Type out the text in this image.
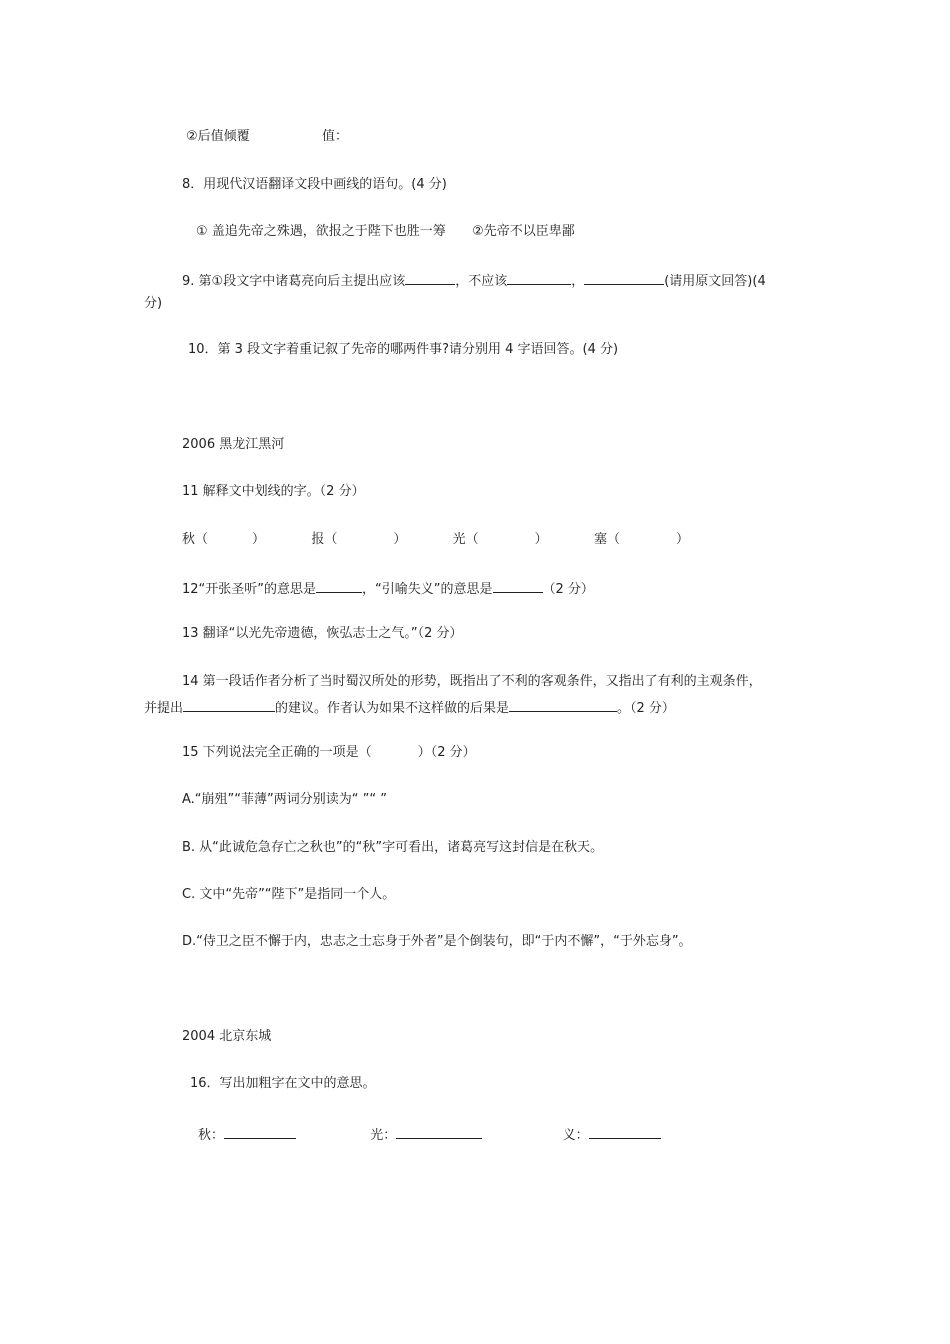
②后值倾覆	值：
8．用现代汉语翻译文段中画线的语句。(4 分)
① 盖追先帝之殊遇，欲报之于陛下也胜一筹 ②先帝不以臣卑鄙
9. 第①段文字中诸葛亮向后主提出应该	，不应该	，	(请用原文回答)(4
分)
10．第 3 段文字着重记叙了先帝的哪两件事?请分别用 4 字语回答。(4 分)
2006 黑龙江黑河
11 解释文中划线的字。（2 分）
秋（	）	报（	）	光（	）	塞（	）
12“开张圣听”的意思是	，“引喻失义”的意思是	（2 分）
13 翻译“以光先帝遗德，恢弘志士之气。”（2 分）
14 第一段话作者分析了当时蜀汉所处的形势，既指出了不利的客观条件，又指出了有利的主观条件，
并提出	的建议。作者认为如果不这样做的后果是	。（2 分）
15 下列说法完全正确的一项是（	）（2 分）
A.“崩殂”“菲薄”两词分别读为“ ”“ ”
B. 从“此诚危急存亡之秋也”的“秋”字可看出，诸葛亮写这封信是在秋天。
C. 文中“先帝”“陛下”是指同一个人。
D.“侍卫之臣不懈于内，忠志之士忘身于外者”是个倒装句，即“于内不懈”，“于外忘身”。
2004 北京东城
16．写出加粗字在文中的意思。
秋：	光：	义：
